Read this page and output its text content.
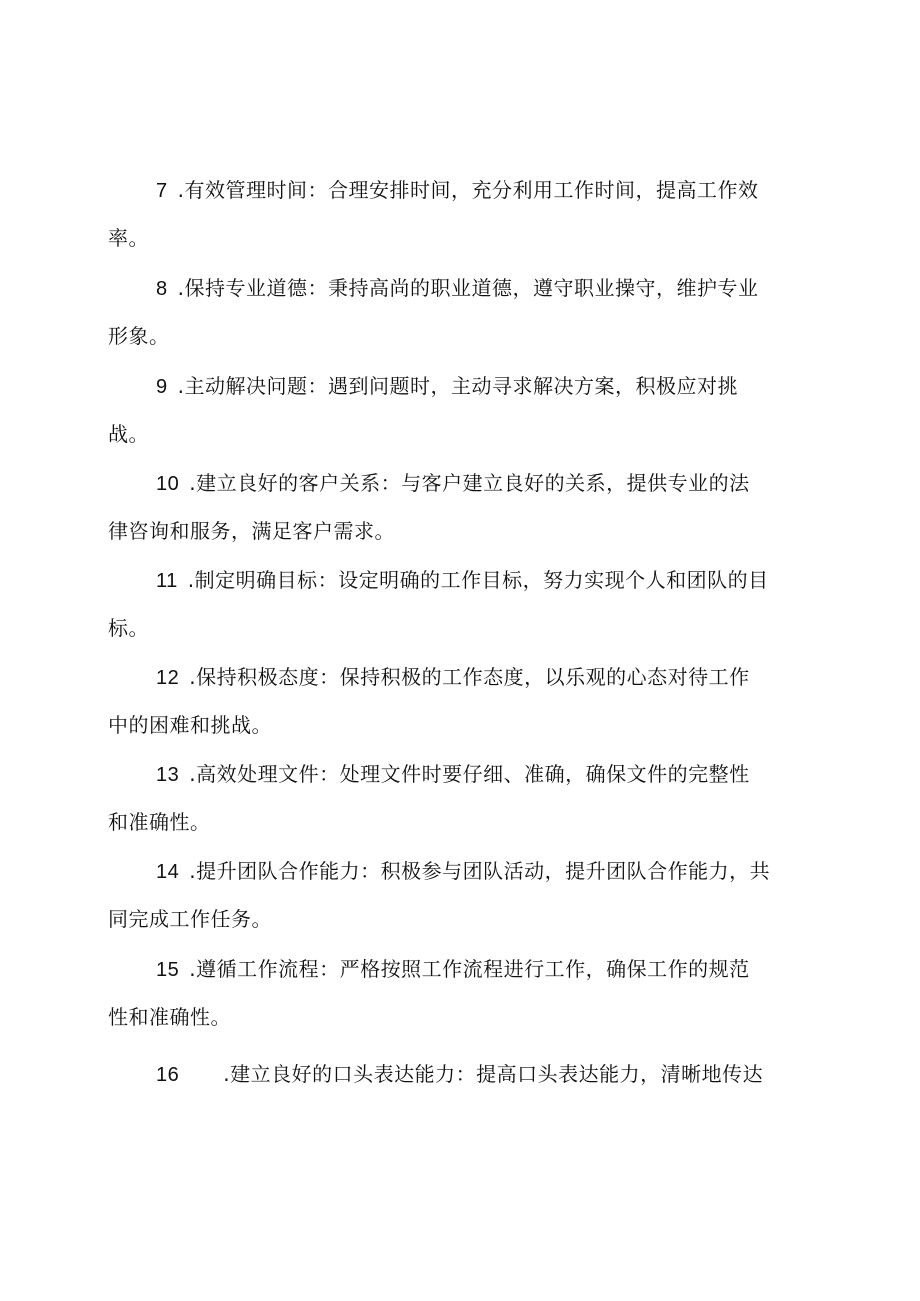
7 .有效管理时间：合理安排时间，充分利用工作时间，提高工作效
率。
8 .保持专业道德：秉持高尚的职业道德，遵守职业操守，维护专业
形象。
9 .主动解决问题：遇到问题时，主动寻求解决方案，积极应对挑
战。
10 .建立良好的客户关系：与客户建立良好的关系，提供专业的法
律咨询和服务，满足客户需求。
11 .制定明确目标：设定明确的工作目标，努力实现个人和团队的目
标。
12 .保持积极态度：保持积极的工作态度，以乐观的心态对待工作
中的困难和挑战。
13 .高效处理文件：处理文件时要仔细、准确，确保文件的完整性
和准确性。
14 .提升团队合作能力：积极参与团队活动，提升团队合作能力，共
同完成工作任务。
15 .遵循工作流程：严格按照工作流程进行工作，确保工作的规范
性和准确性。
16 .建立良好的口头表达能力：提高口头表达能力，清晰地传达
